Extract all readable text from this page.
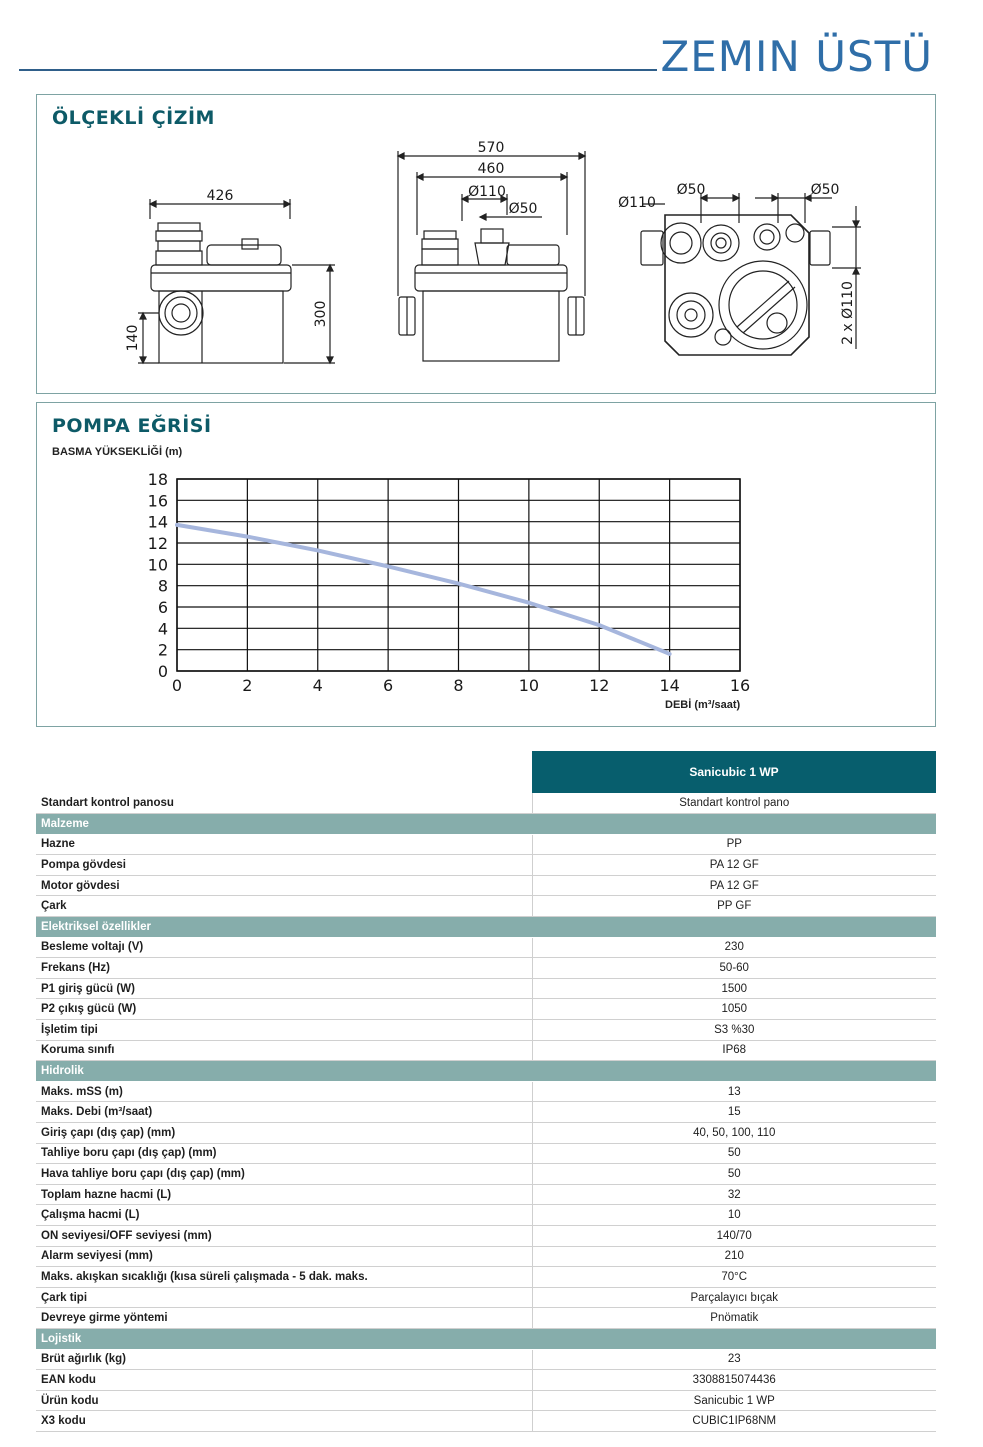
ZEMIN ÜSTÜ
ÖLÇEKLİ ÇİZİM
426
300
140
570
460
Ø110
Ø50	Ø110
Ø50	Ø50
2 x Ø110
POMPA EĞRİSİ
BASMA YÜKSEKLİĞİ (m)
0
2
4
6
8
10
12
14
16
18
0	2	4	6	8	10	12	14	16
DEBİ (m³/saat)
	Sanicubic 1 WP
Standart kontrol panosu	Standart kontrol pano
Malzeme	
Hazne	PP
Pompa gövdesi	PA 12 GF
Motor gövdesi	PA 12 GF
Çark	PP GF
Elektriksel özellikler	
Besleme voltajı (V)	230
Frekans (Hz)	50-60
P1 giriş gücü (W)	1500
P2 çıkış gücü (W)	1050
İşletim tipi	S3 %30
Koruma sınıfı	IP68
Hidrolik	
Maks. mSS (m)	13
Maks. Debi (m³/saat)	15
Giriş çapı (dış çap) (mm)	40, 50, 100, 110
Tahliye boru çapı (dış çap) (mm)	50
Hava tahliye boru çapı (dış çap) (mm)	50
Toplam hazne hacmi (L)	32
Çalışma hacmi (L)	10
ON seviyesi/OFF seviyesi (mm)	140/70
Alarm seviyesi (mm)	210
Maks. akışkan sıcaklığı (kısa süreli çalışmada - 5 dak. maks.	70°C
Çark tipi	Parçalayıcı bıçak
Devreye girme yöntemi	Pnömatik
Lojistik	
Brüt ağırlık (kg)	23
EAN kodu	3308815074436
Ürün kodu	Sanicubic 1 WP
X3 kodu	CUBIC1IP68NM
